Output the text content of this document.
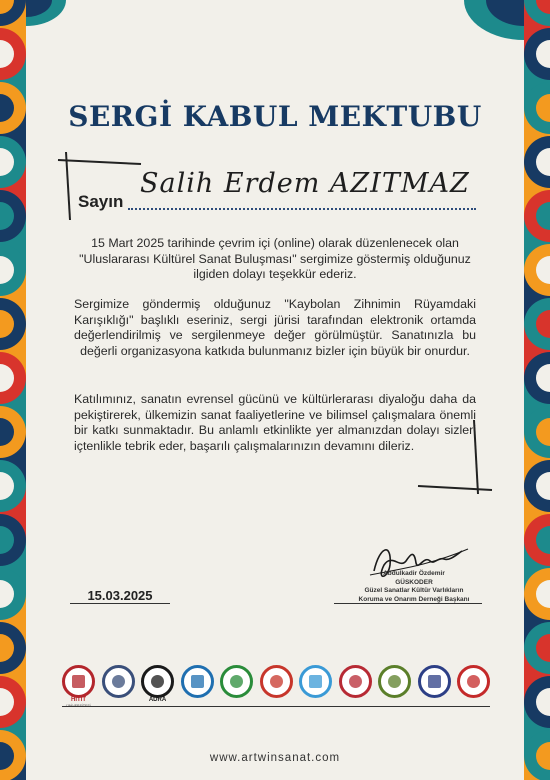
SERGİ KABUL MEKTUBU
Sayın
Salih Erdem AZITMAZ
15 Mart 2025 tarihinde çevrim içi (online) olarak düzenlenecek olan "Uluslararası Kültürel Sanat Buluşması" sergimize göstermiş olduğunuz ilgiden dolayı teşekkür ederiz.
Sergimize göndermiş olduğunuz "Kaybolan Zihnimin Rüyamdaki Karışıklığı" başlıklı eseriniz, sergi jürisi tarafından elektronik ortamda değerlendirilmiş ve sergilenmeye değer görülmüştür. Sanatınızla bu değerli organizasyona katkıda bulunmanız bizler için büyük bir onurdur.
Katılımınız, sanatın evrensel gücünü ve kültürlerarası diyaloğu daha da pekiştirerek, ülkemizin sanat faaliyetlerine ve bilimsel çalışmalara önemli bir katkı sunmaktadır. Bu anlamlı etkinlikte yer almanızdan dolayı sizleri içtenlikle tebrik eder, başarılı çalışmalarınızın devamını dileriz.
15.03.2025
Abdulkadir Özdemir
GÜSKODER
Güzel Sanatlar Kültür Varlıkların
Koruma ve Onarım Derneği Başkanı
HİTİT
ÜNİVERSİTESİ
ADRA
www.artwinsanat.com
